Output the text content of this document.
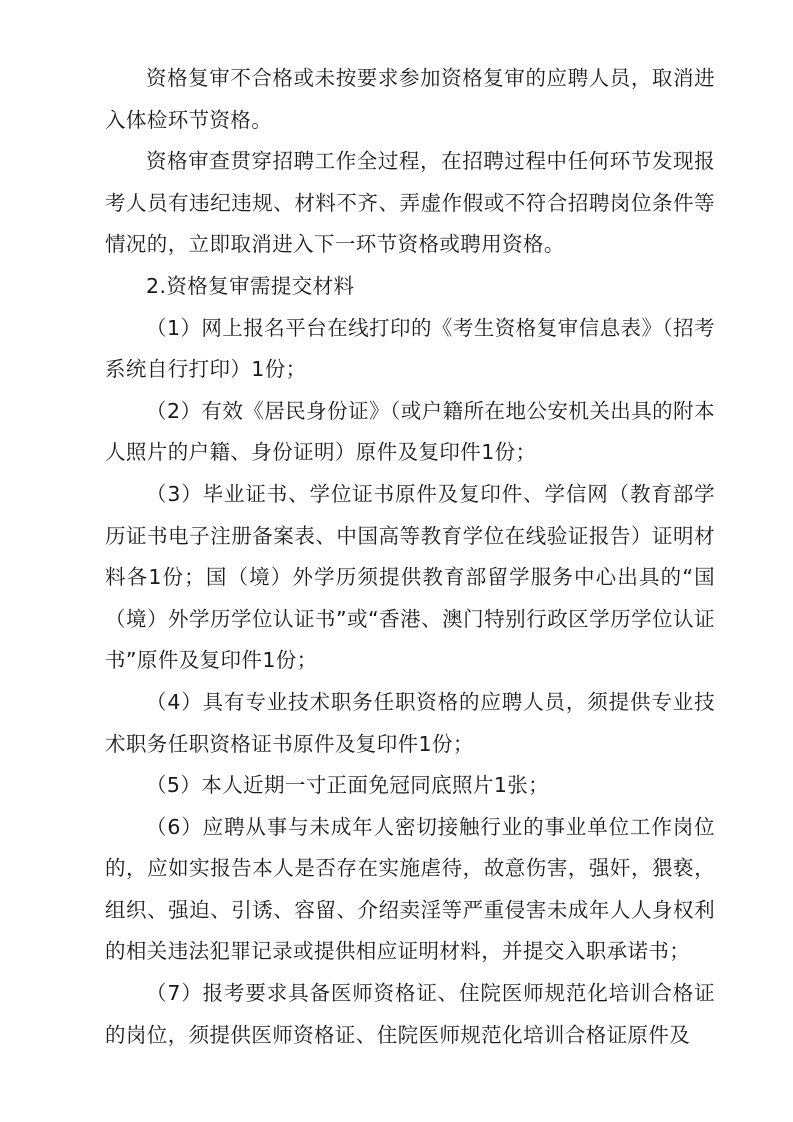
资格复审不合格或未按要求参加资格复审的应聘人员，取消进入体检环节资格。

资格审查贯穿招聘工作全过程，在招聘过程中任何环节发现报考人员有违纪违规、材料不齐、弄虚作假或不符合招聘岗位条件等情况的，立即取消进入下一环节资格或聘用资格。

2.资格复审需提交材料

（1）网上报名平台在线打印的《考生资格复审信息表》（招考系统自行打印）1份；

（2）有效《居民身份证》（或户籍所在地公安机关出具的附本人照片的户籍、身份证明）原件及复印件1份；

（3）毕业证书、学位证书原件及复印件、学信网（教育部学历证书电子注册备案表、中国高等教育学位在线验证报告）证明材料各1份；国（境）外学历须提供教育部留学服务中心出具的“国（境）外学历学位认证书”或“香港、澳门特别行政区学历学位认证书”原件及复印件1份；

（4）具有专业技术职务任职资格的应聘人员，须提供专业技术职务任职资格证书原件及复印件1份；

（5）本人近期一寸正面免冠同底照片1张；

（6）应聘从事与未成年人密切接触行业的事业单位工作岗位的，应如实报告本人是否存在实施虐待，故意伤害，强奸，猥亵，组织、强迫、引诱、容留、介绍卖淫等严重侵害未成年人人身权利的相关违法犯罪记录或提供相应证明材料，并提交入职承诺书；

（7）报考要求具备医师资格证、住院医师规范化培训合格证的岗位，须提供医师资格证、住院医师规范化培训合格证原件及
